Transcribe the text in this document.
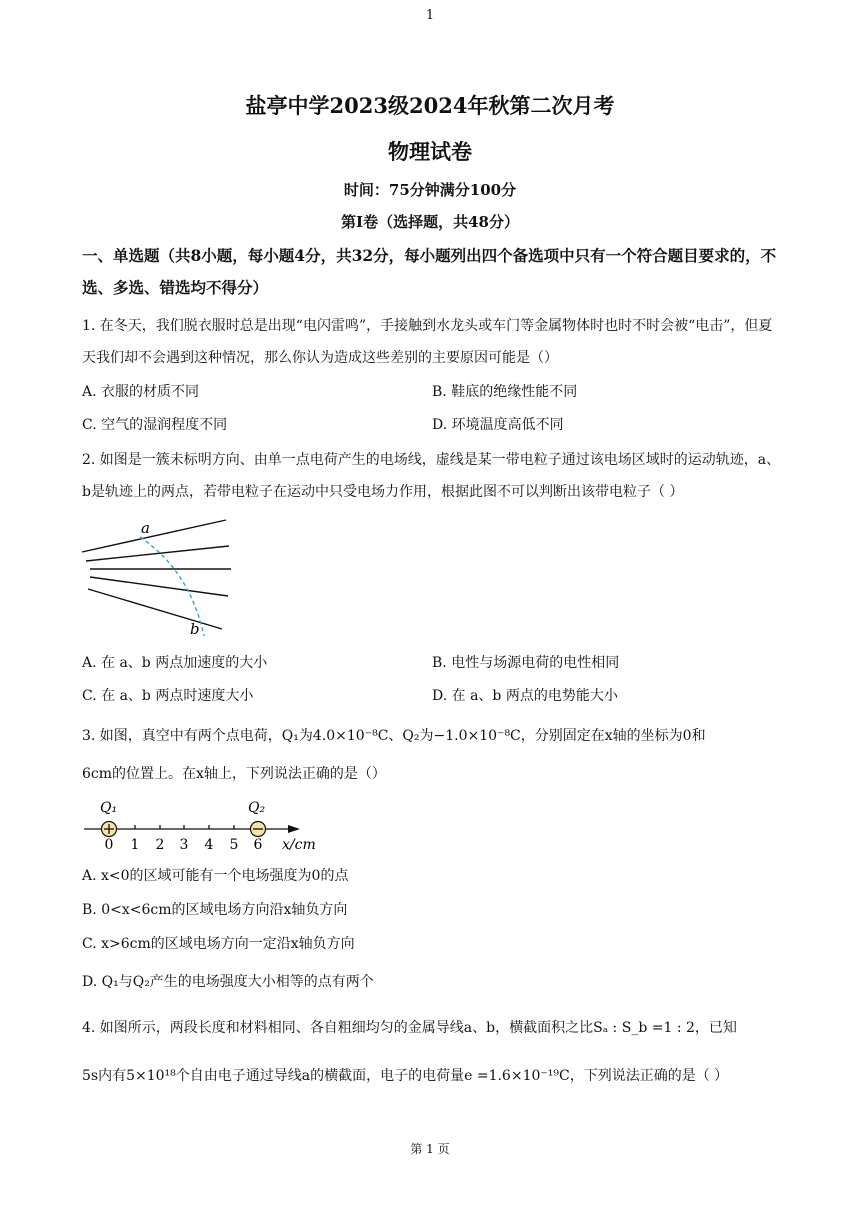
1
盐亭中学2023级2024年秋第二次月考
物理试卷
时间：75分钟满分100分
第Ⅰ卷（选择题，共48分）
一、单选题（共8小题，每小题4分，共32分，每小题列出四个备选项中只有一个符合题目要求的，不选、多选、错选均不得分）
1. 在冬天，我们脱衣服时总是出现“电闪雷鸣”，手接触到水龙头或车门等金属物体时也时不时会被“电击”，但夏天我们却不会遇到这种情况，那么你认为造成这些差别的主要原因可能是（）
A. 衣服的材质不同	B. 鞋底的绝缘性能不同
C. 空气的湿润程度不同	D. 环境温度高低不同
2. 如图是一簇未标明方向、由单一点电荷产生的电场线，虚线是某一带电粒子通过该电场区域时的运动轨迹，a、b是轨迹上的两点，若带电粒子在运动中只受电场力作用，根据此图不可以判断出该带电粒子（ ）
a
b
A. 在 a、b 两点加速度的大小	B. 电性与场源电荷的电性相同
C. 在 a、b 两点时速度大小	D. 在 a、b 两点的电势能大小
3. 如图，真空中有两个点电荷，Q₁为4.0×10⁻⁸C、Q₂为−1.0×10⁻⁸C，分别固定在x轴的坐标为0和
6cm的位置上。在x轴上，下列说法正确的是（）
Q₁	Q₂
0 1 2 3 4 5 6 x/cm
A. x<0的区域可能有一个电场强度为0的点
B. 0<x<6cm的区域电场方向沿x轴负方向
C. x>6cm的区域电场方向一定沿x轴负方向
D. Q₁与Q₂产生的电场强度大小相等的点有两个
4. 如图所示，两段长度和材料相同、各自粗细均匀的金属导线a、b，横截面积之比Sₐ : S_b =1 : 2，已知
5s内有5×10¹⁸个自由电子通过导线a的横截面，电子的电荷量e =1.6×10⁻¹⁹C，下列说法正确的是（ ）
第 1 页
